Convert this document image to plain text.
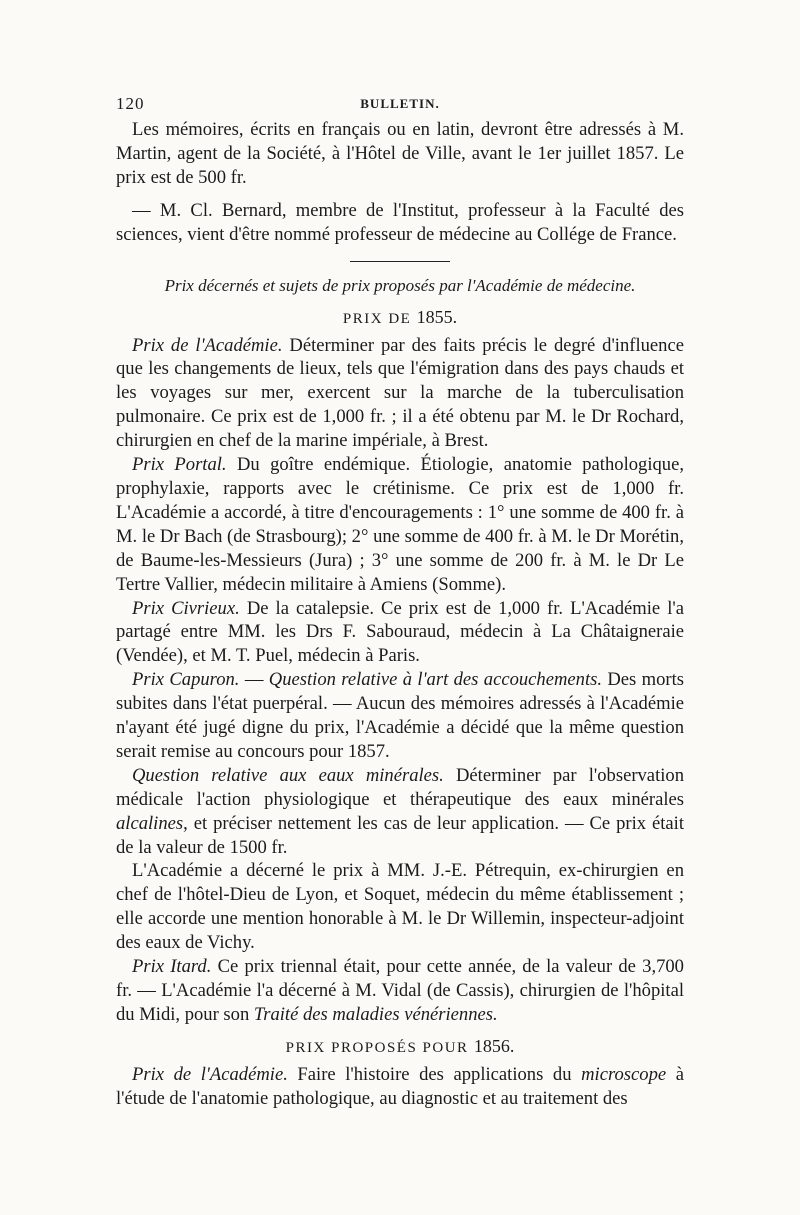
120	BULLETIN.

Les mémoires, écrits en français ou en latin, devront être adressés à M. Martin, agent de la Société, à l'Hôtel de Ville, avant le 1er juillet 1857. Le prix est de 500 fr.

— M. Cl. Bernard, membre de l'Institut, professeur à la Faculté des sciences, vient d'être nommé professeur de médecine au Collége de France.

Prix décernés et sujets de prix proposés par l'Académie de médecine.

PRIX DE 1855.

Prix de l'Académie. Déterminer par des faits précis le degré d'influence que les changements de lieux, tels que l'émigration dans des pays chauds et les voyages sur mer, exercent sur la marche de la tuberculisation pulmonaire. Ce prix est de 1,000 fr. ; il a été obtenu par M. le Dr Rochard, chirurgien en chef de la marine impériale, à Brest.

Prix Portal. Du goître endémique. Étiologie, anatomie pathologique, prophylaxie, rapports avec le crétinisme. Ce prix est de 1,000 fr. L'Académie a accordé, à titre d'encouragements : 1° une somme de 400 fr. à M. le Dr Bach (de Strasbourg); 2° une somme de 400 fr. à M. le Dr Morétin, de Baume-les-Messieurs (Jura) ; 3° une somme de 200 fr. à M. le Dr Le Tertre Vallier, médecin militaire à Amiens (Somme).

Prix Civrieux. De la catalepsie. Ce prix est de 1,000 fr. L'Académie l'a partagé entre MM. les Drs F. Sabouraud, médecin à La Châtaigneraie (Vendée), et M. T. Puel, médecin à Paris.

Prix Capuron. — Question relative à l'art des accouchements. Des morts subites dans l'état puerpéral. — Aucun des mémoires adressés à l'Académie n'ayant été jugé digne du prix, l'Académie a décidé que la même question serait remise au concours pour 1857.

Question relative aux eaux minérales. Déterminer par l'observation médicale l'action physiologique et thérapeutique des eaux minérales alcalines, et préciser nettement les cas de leur application. — Ce prix était de la valeur de 1500 fr.

L'Académie a décerné le prix à MM. J.-E. Pétrequin, ex-chirurgien en chef de l'hôtel-Dieu de Lyon, et Soquet, médecin du même établissement ; elle accorde une mention honorable à M. le Dr Willemin, inspecteur-adjoint des eaux de Vichy.

Prix Itard. Ce prix triennal était, pour cette année, de la valeur de 3,700 fr. — L'Académie l'a décerné à M. Vidal (de Cassis), chirurgien de l'hôpital du Midi, pour son Traité des maladies vénériennes.

PRIX PROPOSÉS POUR 1856.

Prix de l'Académie. Faire l'histoire des applications du microscope à l'étude de l'anatomie pathologique, au diagnostic et au traitement des
